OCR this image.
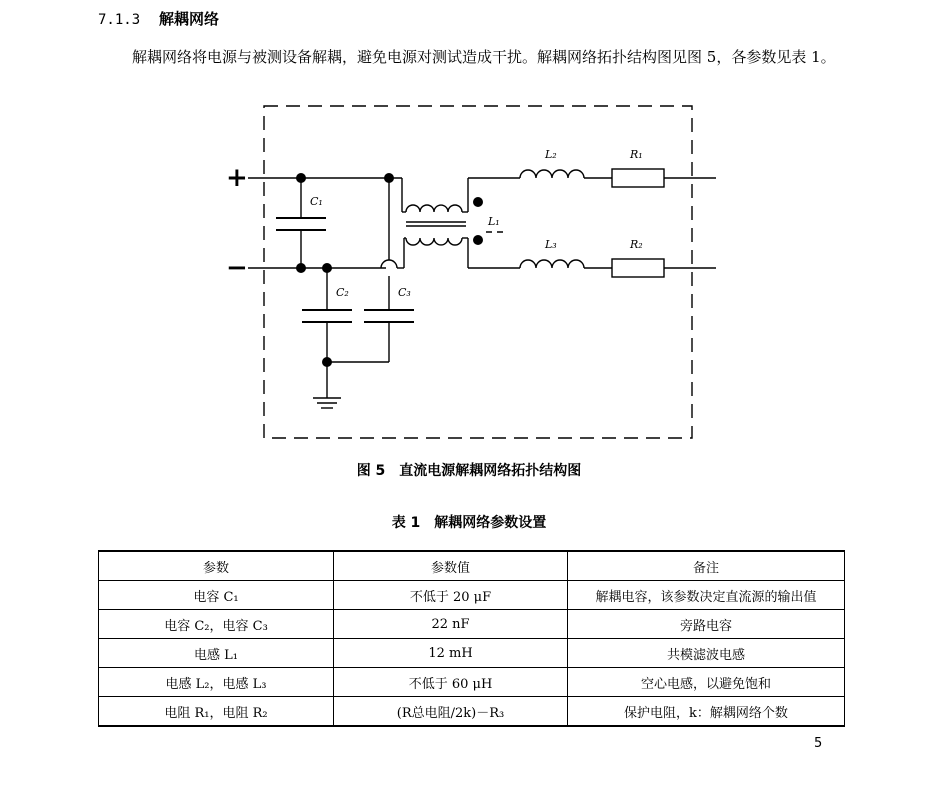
7.1.3 解耦网络
解耦网络将电源与被测设备解耦，避免电源对测试造成干扰。解耦网络拓扑结构图见图 5，各参数见表 1。
+
−
C₁
C₂	C₃
L₁
L₂
L₃
R₁
R₂
图 5　直流电源解耦网络拓扑结构图
表 1　解耦网络参数设置
参数	参数值	备注
电容 C₁	不低于 20 μF	解耦电容，该参数决定直流源的输出值
电容 C₂，电容 C₃	22 nF	旁路电容
电感 L₁	12 mH	共模滤波电感
电感 L₂，电感 L₃	不低于 60 μH	空心电感，以避免饱和
电阻 R₁，电阻 R₂	(R总电阻/2k)－R₃	保护电阻，k：解耦网络个数
5
